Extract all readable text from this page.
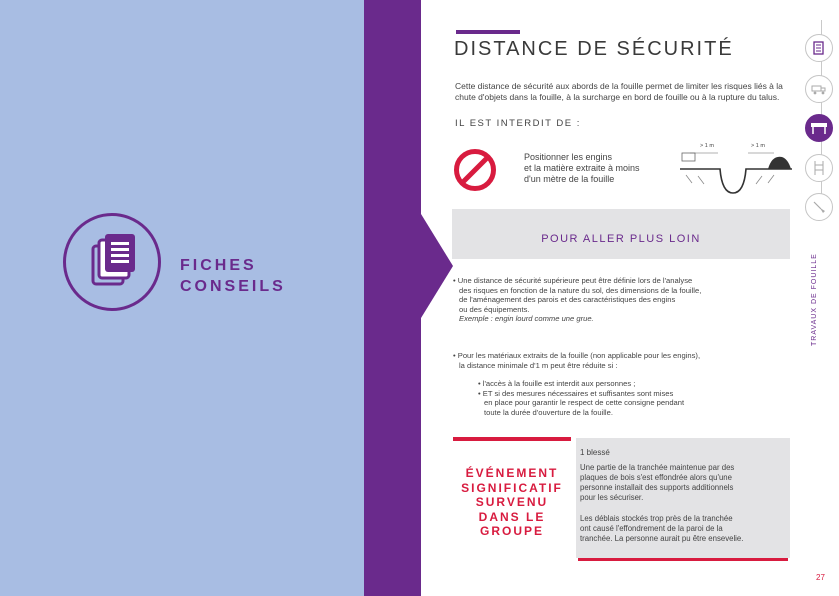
FICHES
CONSEILS
DISTANCE DE SÉCURITÉ
Cette distance de sécurité aux abords de la fouille permet de limiter les risques liés à la
chute d'objets dans la fouille, à la surcharge en bord de fouille ou à la rupture du talus.
IL EST INTERDIT DE :
Positionner les engins
et la matière extraite à moins
d'un mètre de la fouille
> 1 m	> 1 m
POUR ALLER PLUS LOIN
• Une distance de sécurité supérieure peut être définie lors de l'analyse
des risques en fonction de la nature du sol, des dimensions de la fouille,
de l'aménagement des parois et des caractéristiques des engins
ou des équipements.
Exemple : engin lourd comme une grue.
• Pour les matériaux extraits de la fouille (non applicable pour les engins),
la distance minimale d'1 m peut être réduite si :
• l'accès à la fouille est interdit aux personnes ;
• ET si des mesures nécessaires et suffisantes sont mises
en place pour garantir le respect de cette consigne pendant
toute la durée d'ouverture de la fouille.
ÉVÉNEMENT
SIGNIFICATIF
SURVENU
DANS LE
GROUPE
1 blessé
Une partie de la tranchée maintenue par des
plaques de bois s'est effondrée alors qu'une
personne installait des supports additionnels
pour les sécuriser.
Les déblais stockés trop près de la tranchée
ont causé l'effondrement de la paroi de la
tranchée. La personne aurait pu être ensevelie.
27
TRAVAUX DE FOUILLE
